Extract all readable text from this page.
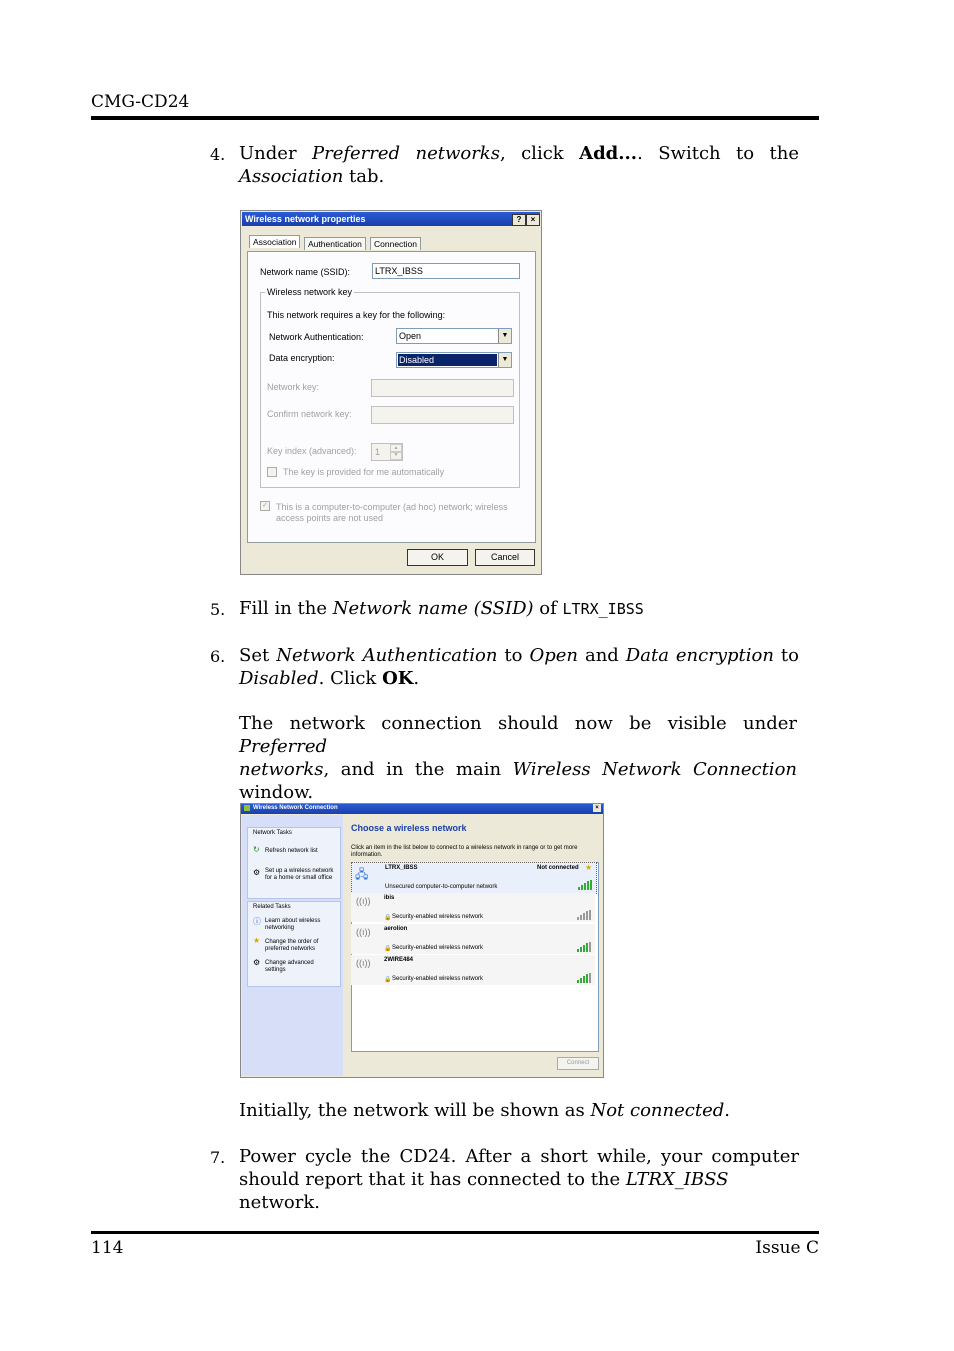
CMG-CD24
4. Under Preferred networks, click Add.... Switch to the
Association tab.
Wireless network properties	?	×
Association	Authentication	Connection
Network name (SSID):	LTRX_IBSS
Wireless network key
This network requires a key for the following:
Network Authentication:	Open	▼
Data encryption:	Disabled	▼
Network key:
Confirm network key:
Key index (advanced): 1	▲
▼
The key is provided for me automatically
✓ This is a computer-to-computer (ad hoc) network; wireless
access points are not used
OK	Cancel
5. Fill in the Network name (SSID) of LTRX_IBSS
6. Set Network Authentication to Open and Data encryption to
Disabled. Click OK.
The network connection should now be visible under Preferred
networks, and in the main Wireless Network Connection
window.
Wireless Network Connection	×
Network Tasks
↻ Refresh network list
⚙ Set up a wireless network
for a home or small office
Related Tasks
ⓘ Learn about wireless
networking
★ Change the order of
preferred networks
⚙ Change advanced
settings
Choose a wireless network
Click an item in the list below to connect to a wireless network in range or to get more
information.
Connect
🖧	LTRX_IBSS	Not connected ★
Unsecured computer-to-computer network
((ı)) ibis
🔒 Security-enabled wireless network
((ı)) aerolion
🔒 Security-enabled wireless network
((ı)) 2WIRE484
🔒 Security-enabled wireless network
Initially, the network will be shown as Not connected.
7. Power cycle the CD24. After a short while, your computer
should report that it has connected to the LTRX_IBSS network.
114	Issue C
